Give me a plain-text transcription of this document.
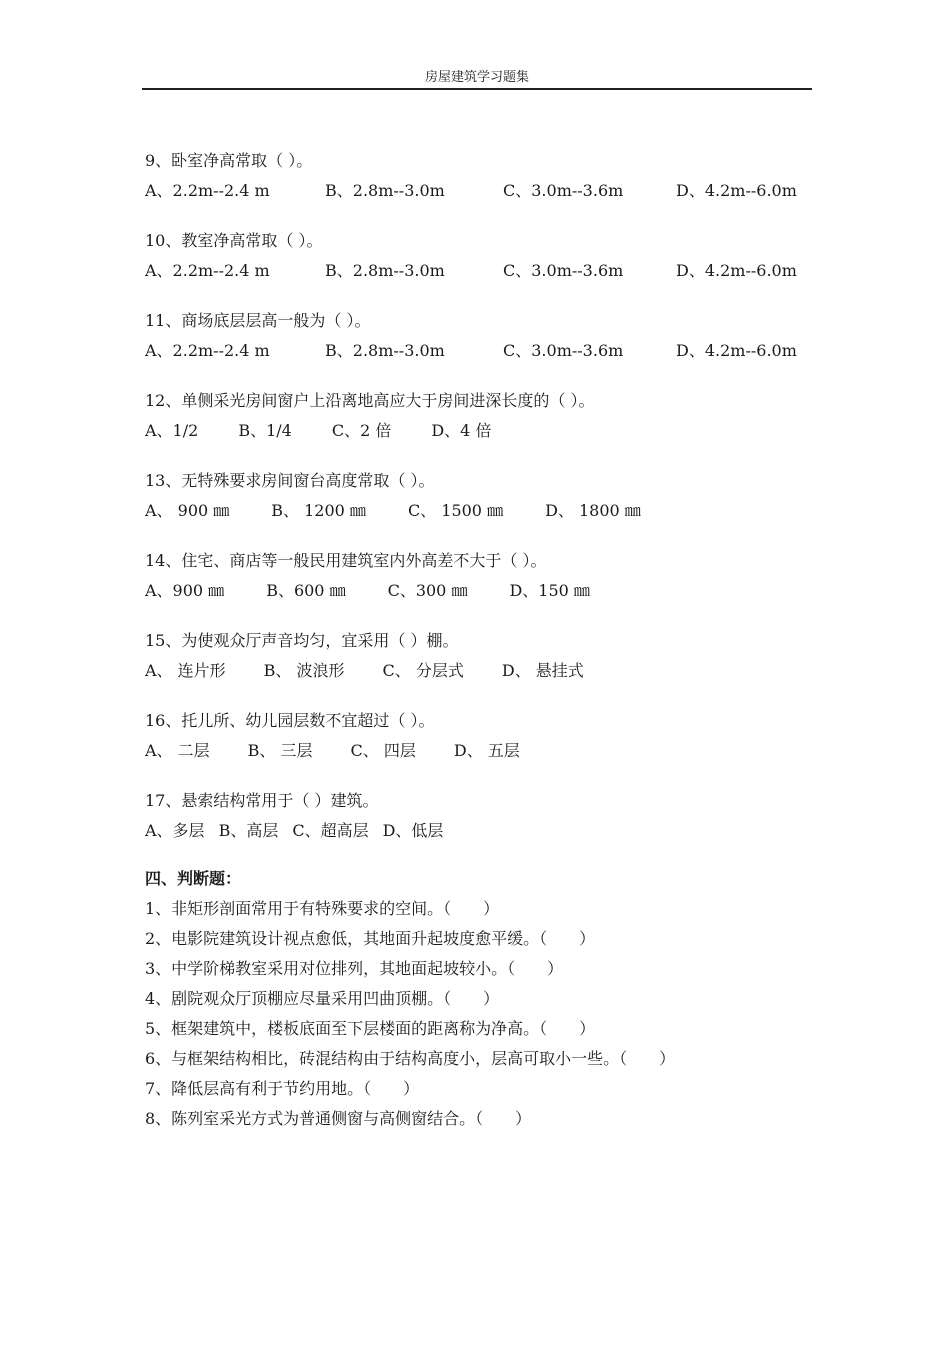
房屋建筑学习题集
9、卧室净高常取（ ）。
A、2.2m--2.4 m	B、2.8m--3.0m	C、3.0m--3.6m	D、4.2m--6.0m
10、教室净高常取（ ）。
A、2.2m--2.4 m	B、2.8m--3.0m	C、3.0m--3.6m	D、4.2m--6.0m
11、商场底层层高一般为（ ）。
A、2.2m--2.4 m	B、2.8m--3.0m	C、3.0m--3.6m	D、4.2m--6.0m
12、单侧采光房间窗户上沿离地高应大于房间进深长度的（ ）。
A、1/2	B、1/4	C、2 倍	D、4 倍
13、无特殊要求房间窗台高度常取（ ）。
A、 900 ㎜	B、 1200 ㎜	C、 1500 ㎜	D、 1800 ㎜
14、住宅、商店等一般民用建筑室内外高差不大于（ ）。
A、900 ㎜	B、600 ㎜	C、300 ㎜	D、150 ㎜
15、为使观众厅声音均匀，宜采用（ ）棚。
A、 连片形 B、 波浪形 C、 分层式 D、 悬挂式
16、托儿所、幼儿园层数不宜超过（ ）。
A、 二层 B、 三层 C、 四层 D、 五层
17、悬索结构常用于（ ）建筑。
A、多层 B、高层 C、超高层 D、低层
四、判断题：
1、非矩形剖面常用于有特殊要求的空间。（　　）
2、电影院建筑设计视点愈低，其地面升起坡度愈平缓。（　　）
3、中学阶梯教室采用对位排列，其地面起坡较小。（　　）
4、剧院观众厅顶棚应尽量采用凹曲顶棚。（　　）
5、框架建筑中，楼板底面至下层楼面的距离称为净高。（　　）
6、与框架结构相比，砖混结构由于结构高度小，层高可取小一些。（　　）
7、降低层高有利于节约用地。（　　）
8、陈列室采光方式为普通侧窗与高侧窗结合。（　　）
